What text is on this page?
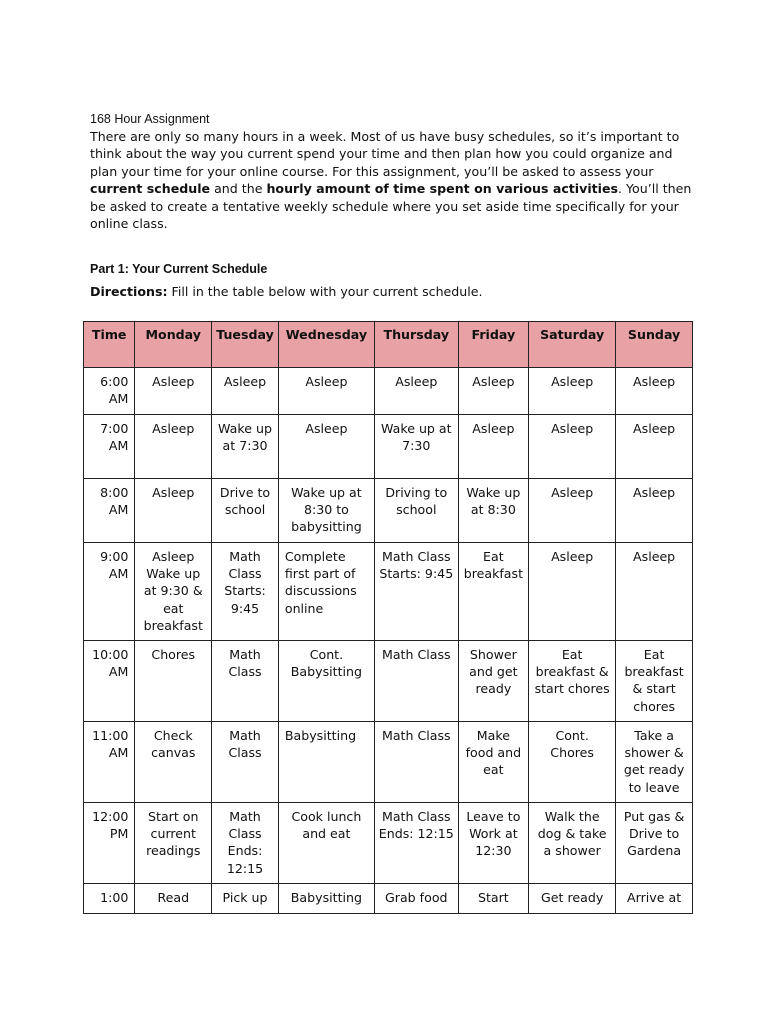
168 Hour Assignment

There are only so many hours in a week. Most of us have busy schedules, so it’s important to think about the way you current spend your time and then plan how you could organize and plan your time for your online course. For this assignment, you’ll be asked to assess your current schedule and the hourly amount of time spent on various activities. You’ll then be asked to create a tentative weekly schedule where you set aside time specifically for your online class.

Part 1: Your Current Schedule

Directions: Fill in the table below with your current schedule.

Time	Monday	Tuesday	Wednesday	Thursday	Friday	Saturday	Sunday
6:00 AM	Asleep	Asleep	Asleep	Asleep	Asleep	Asleep	Asleep
7:00 AM	Asleep	Wake up at 7:30	Asleep	Wake up at 7:30	Asleep	Asleep	Asleep
8:00 AM	Asleep	Drive to school	Wake up at 8:30 to babysitting	Driving to school	Wake up at 8:30	Asleep	Asleep
9:00 AM	Asleep Wake up at 9:30 & eat breakfast	Math Class Starts: 9:45	Complete first part of discussions online	Math Class Starts: 9:45	Eat breakfast	Asleep	Asleep
10:00 AM	Chores	Math Class	Cont. Babysitting	Math Class	Shower and get ready	Eat breakfast & start chores	Eat breakfast & start chores
11:00 AM	Check canvas	Math Class	Babysitting	Math Class	Make food and eat	Cont. Chores	Take a shower & get ready to leave
12:00 PM	Start on current readings	Math Class Ends: 12:15	Cook lunch and eat	Math Class Ends: 12:15	Leave to Work at 12:30	Walk the dog & take a shower	Put gas & Drive to Gardena
1:00	Read	Pick up	Babysitting	Grab food	Start	Get ready	Arrive at
